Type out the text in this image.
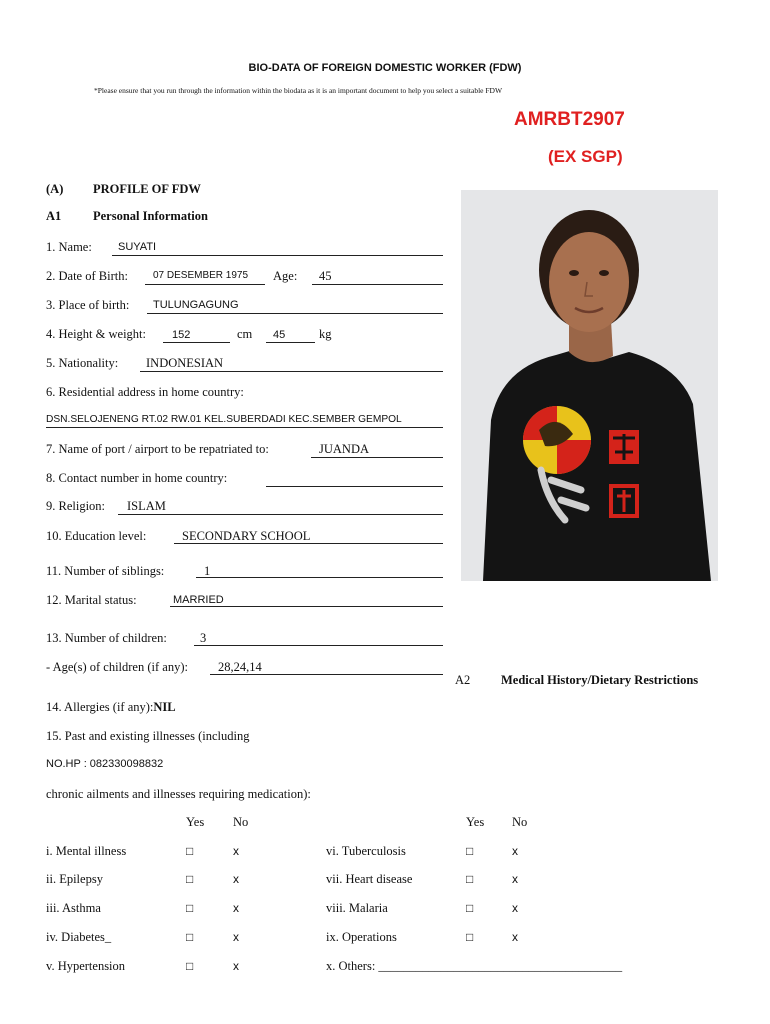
BIO-DATA OF FOREIGN DOMESTIC WORKER (FDW)
*Please ensure that you run through the information within the biodata as it is an important document to help you select a suitable FDW
AMRBT2907
(EX SGP)
(A) PROFILE OF FDW
A1	Personal Information
1. Name: SUYATI
2. Date of Birth:	07 DESEMBER 1975 Age: 45
3. Place of birth: TULUNGAGUNG
4. Height & weight: 152	cm 45	kg
5. Nationality: INDONESIAN
6. Residential address in home country:
DSN.SELOJENENG RT.02 RW.01 KEL.SUBERDADI KEC.SEMBER GEMPOL
7. Name of port / airport to be repatriated to:	JUANDA
8. Contact number in home country:
9. Religion: ISLAM
10. Education level:	SECONDARY SCHOOL
11. Number of siblings:	1
12. Marital status:	MARRIED
13. Number of children:	3
- Age(s) of children (if any): 28,24,14
A2 Medical History/Dietary Restrictions
14. Allergies (if any):NIL
15. Past and existing illnesses (including
NO.HP : 082330098832
chronic ailments and illnesses requiring medication):
Yes No	Yes No
i. Mental illness	□	x
ii. Epilepsy	□	x
iii. Asthma	□	x
iv. Diabetes_	□	x
v. Hypertension	□	x
vi. Tuberculosis	□	x
vii. Heart disease	□	x
viii. Malaria	□	x
ix. Operations	□	x
x. Others: _______________________________________
